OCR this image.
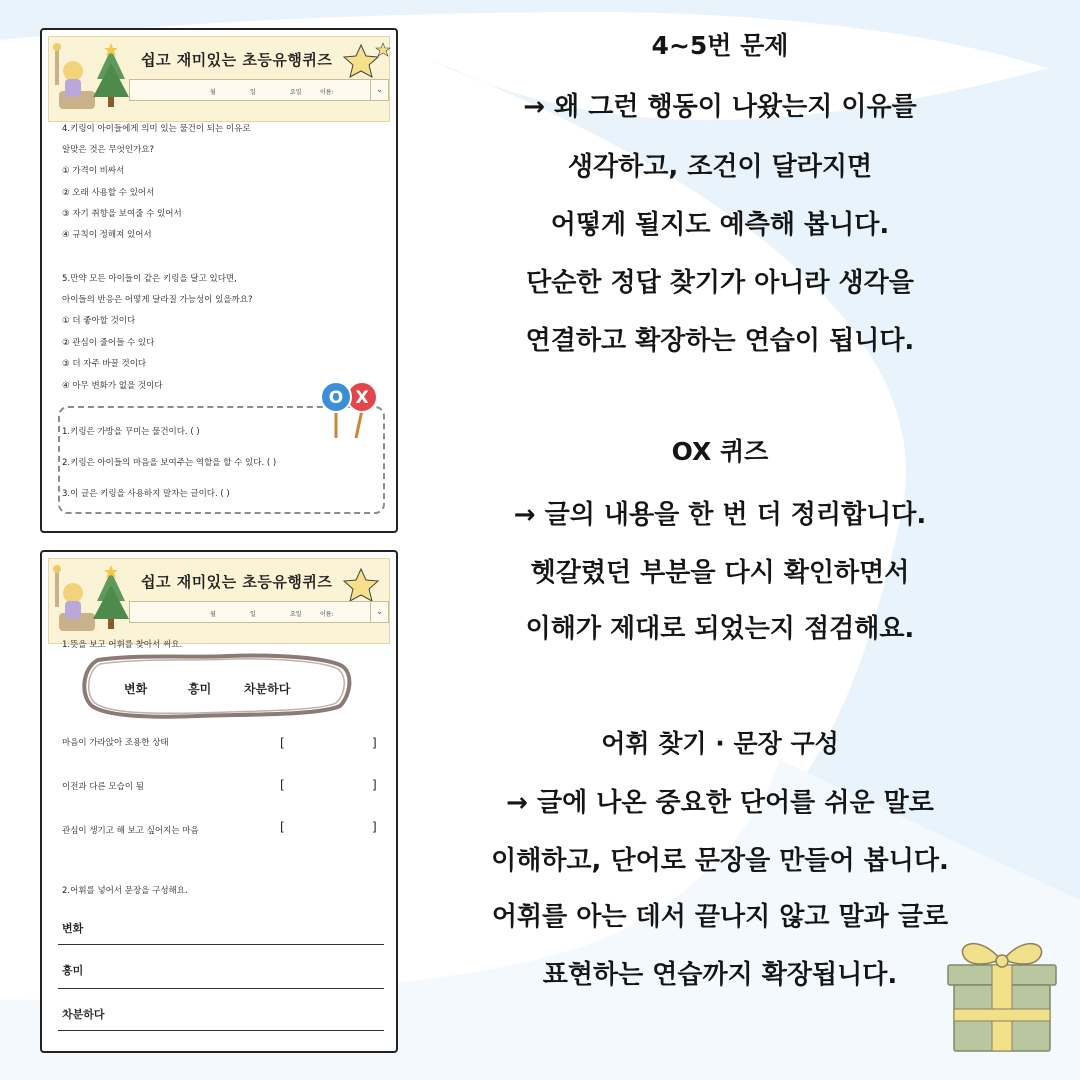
쉽고 재미있는 초등유행퀴즈
월	일	요일	이름:	⌄
4.키링이 아이들에게 의미 있는 물건이 되는 이유로
알맞은 것은 무엇인가요?
① 가격이 비싸서
② 오래 사용할 수 있어서
③ 자기 취향을 보여줄 수 있어서
④ 규칙이 정해져 있어서
5.만약 모든 아이들이 같은 키링을 달고 있다면,
아이들의 반응은 어떻게 달라질 가능성이 있을까요?
① 더 좋아할 것이다
② 관심이 줄어들 수 있다
③ 더 자주 바꿀 것이다
④ 아무 변화가 없을 것이다
O X
1.키링은 가방을 꾸미는 물건이다. ( )
2.키링은 아이들의 마음을 보여주는 역할을 할 수 있다. ( )
3.이 글은 키링을 사용하지 말자는 글이다. ( )
쉽고 재미있는 초등유행퀴즈
월	일	요일	이름:	⌄
1.뜻을 보고 어휘를 찾아서 써요.
변화	흥미	차분하다
마음이 가라앉아 조용한 상태	[	]
이전과 다른 모습이 됨	[	]
관심이 생기고 해 보고 싶어지는 마음	[	]
2.어휘를 넣어서 문장을 구성해요.
변화
흥미
차분하다
4~5번 문제
→ 왜 그런 행동이 나왔는지 이유를
생각하고, 조건이 달라지면
어떻게 될지도 예측해 봅니다.
단순한 정답 찾기가 아니라 생각을
연결하고 확장하는 연습이 됩니다.
OX 퀴즈
→ 글의 내용을 한 번 더 정리합니다.
헷갈렸던 부분을 다시 확인하면서
이해가 제대로 되었는지 점검해요.
어휘 찾기 · 문장 구성
→ 글에 나온 중요한 단어를 쉬운 말로
이해하고, 단어로 문장을 만들어 봅니다.
어휘를 아는 데서 끝나지 않고 말과 글로
표현하는 연습까지 확장됩니다.
